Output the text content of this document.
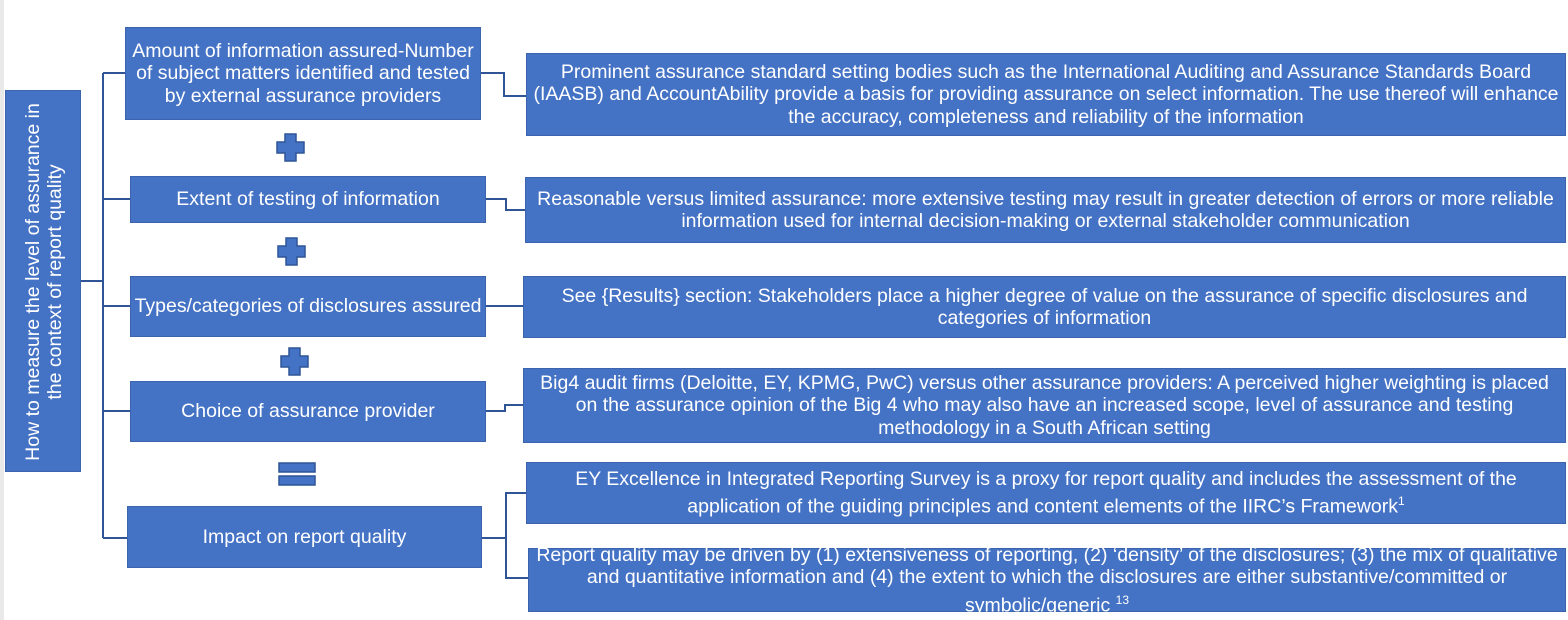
How to measure the level of assurance in the context of report quality
Amount of information assured-Number of subject matters identified and tested by external assurance providers
Extent of testing of information
Types/categories of disclosures assured
Choice of assurance provider
Impact on report quality
Prominent assurance standard setting bodies such as the International Auditing and Assurance Standards Board (IAASB) and AccountAbility provide a basis for providing assurance on select information. The use thereof will enhance the accuracy, completeness and reliability of the information
Reasonable versus limited assurance: more extensive testing may result in greater detection of errors or more reliable information used for internal decision-making or external stakeholder communication
See {Results} section: Stakeholders place a higher degree of value on the assurance of specific disclosures and categories of information
Big4 audit firms (Deloitte, EY, KPMG, PwC) versus other assurance providers: A perceived higher weighting is placed on the assurance opinion of the Big 4 who may also have an increased scope, level of assurance and testing methodology in a South African setting
EY Excellence in Integrated Reporting Survey is a proxy for report quality and includes the assessment of the application of the guiding principles and content elements of the IIRC’s Framework$^1$
Report quality may be driven by (1) extensiveness of reporting, (2) ‘density’ of the disclosures; (3) the mix of qualitative and quantitative information and (4) the extent to which the disclosures are either substantive/committed or symbolic/generic $^{13}$
